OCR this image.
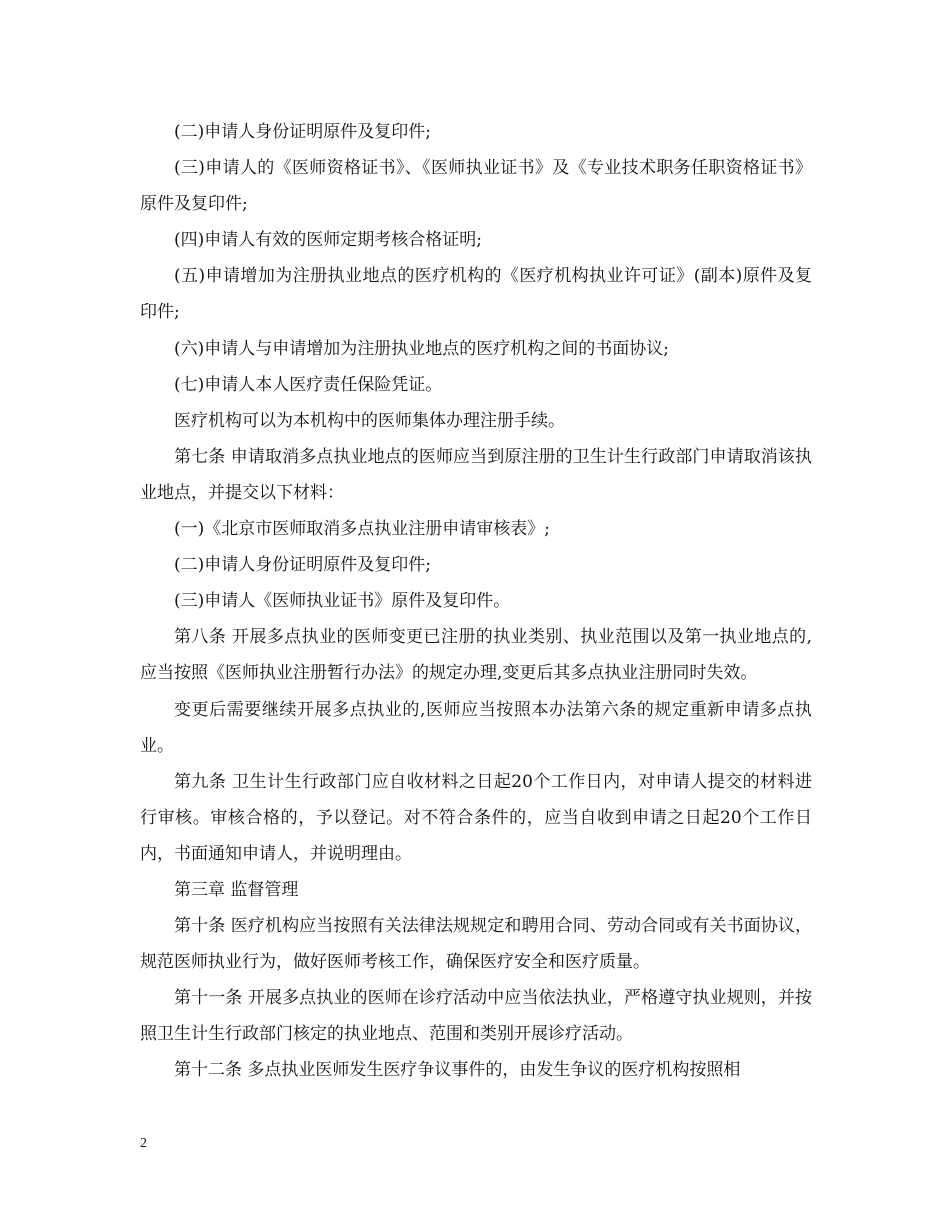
(二)申请人身份证明原件及复印件;

(三)申请人的《医师资格证书》、《医师执业证书》及《专业技术职务任职资格证书》原件及复印件;

(四)申请人有效的医师定期考核合格证明;

(五)申请增加为注册执业地点的医疗机构的《医疗机构执业许可证》(副本)原件及复印件;

(六)申请人与申请增加为注册执业地点的医疗机构之间的书面协议;

(七)申请人本人医疗责任保险凭证。

医疗机构可以为本机构中的医师集体办理注册手续。

第七条 申请取消多点执业地点的医师应当到原注册的卫生计生行政部门申请取消该执业地点，并提交以下材料：

(一)《北京市医师取消多点执业注册申请审核表》;

(二)申请人身份证明原件及复印件;

(三)申请人《医师执业证书》原件及复印件。

第八条 开展多点执业的医师变更已注册的执业类别、执业范围以及第一执业地点的,应当按照《医师执业注册暂行办法》的规定办理,变更后其多点执业注册同时失效。

变更后需要继续开展多点执业的,医师应当按照本办法第六条的规定重新申请多点执业。

第九条 卫生计生行政部门应自收材料之日起20个工作日内，对申请人提交的材料进行审核。审核合格的，予以登记。对不符合条件的，应当自收到申请之日起20个工作日内，书面通知申请人，并说明理由。

第三章 监督管理

第十条 医疗机构应当按照有关法律法规规定和聘用合同、劳动合同或有关书面协议，规范医师执业行为，做好医师考核工作，确保医疗安全和医疗质量。

第十一条 开展多点执业的医师在诊疗活动中应当依法执业，严格遵守执业规则，并按照卫生计生行政部门核定的执业地点、范围和类别开展诊疗活动。

第十二条 多点执业医师发生医疗争议事件的，由发生争议的医疗机构按照相

2
